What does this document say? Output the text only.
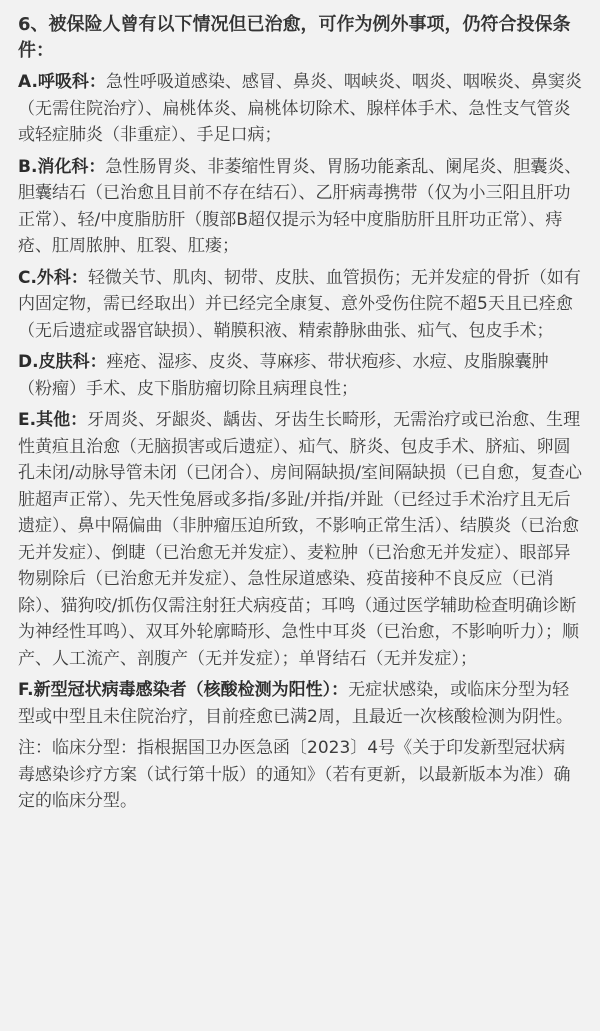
6、被保险人曾有以下情况但已治愈，可作为例外事项，仍符合投保条件：

A.呼吸科：急性呼吸道感染、感冒、鼻炎、咽峡炎、咽炎、咽喉炎、鼻窦炎（无需住院治疗）、扁桃体炎、扁桃体切除术、腺样体手术、急性支气管炎或轻症肺炎（非重症）、手足口病；

B.消化科：急性肠胃炎、非萎缩性胃炎、胃肠功能紊乱、阑尾炎、胆囊炎、胆囊结石（已治愈且目前不存在结石）、乙肝病毒携带（仅为小三阳且肝功正常）、轻/中度脂肪肝（腹部B超仅提示为轻中度脂肪肝且肝功正常）、痔疮、肛周脓肿、肛裂、肛瘘；

C.外科：轻微关节、肌肉、韧带、皮肤、血管损伤；无并发症的骨折（如有内固定物，需已经取出）并已经完全康复、意外受伤住院不超5天且已痊愈（无后遗症或器官缺损）、鞘膜积液、精索静脉曲张、疝气、包皮手术；

D.皮肤科：痤疮、湿疹、皮炎、荨麻疹、带状疱疹、水痘、皮脂腺囊肿（粉瘤）手术、皮下脂肪瘤切除且病理良性；

E.其他：牙周炎、牙龈炎、龋齿、牙齿生长畸形，无需治疗或已治愈、生理性黄疸且治愈（无脑损害或后遗症）、疝气、脐炎、包皮手术、脐疝、卵圆孔未闭/动脉导管未闭（已闭合）、房间隔缺损/室间隔缺损（已自愈，复查心脏超声正常）、先天性兔唇或多指/多趾/并指/并趾（已经过手术治疗且无后遗症）、鼻中隔偏曲（非肿瘤压迫所致，不影响正常生活）、结膜炎（已治愈无并发症）、倒睫（已治愈无并发症）、麦粒肿（已治愈无并发症）、眼部异物剔除后（已治愈无并发症）、急性尿道感染、疫苗接种不良反应（已消除）、猫狗咬/抓伤仅需注射狂犬病疫苗；耳鸣（通过医学辅助检查明确诊断为神经性耳鸣）、双耳外轮廓畸形、急性中耳炎（已治愈，不影响听力）；顺产、人工流产、剖腹产（无并发症）；单肾结石（无并发症）；

F.新型冠状病毒感染者（核酸检测为阳性）：无症状感染，或临床分型为轻型或中型且未住院治疗，目前痊愈已满2周，且最近一次核酸检测为阴性。

注：临床分型：指根据国卫办医急函〔2023〕4号《关于印发新型冠状病毒感染诊疗方案（试行第十版）的通知》（若有更新，以最新版本为准）确定的临床分型。
